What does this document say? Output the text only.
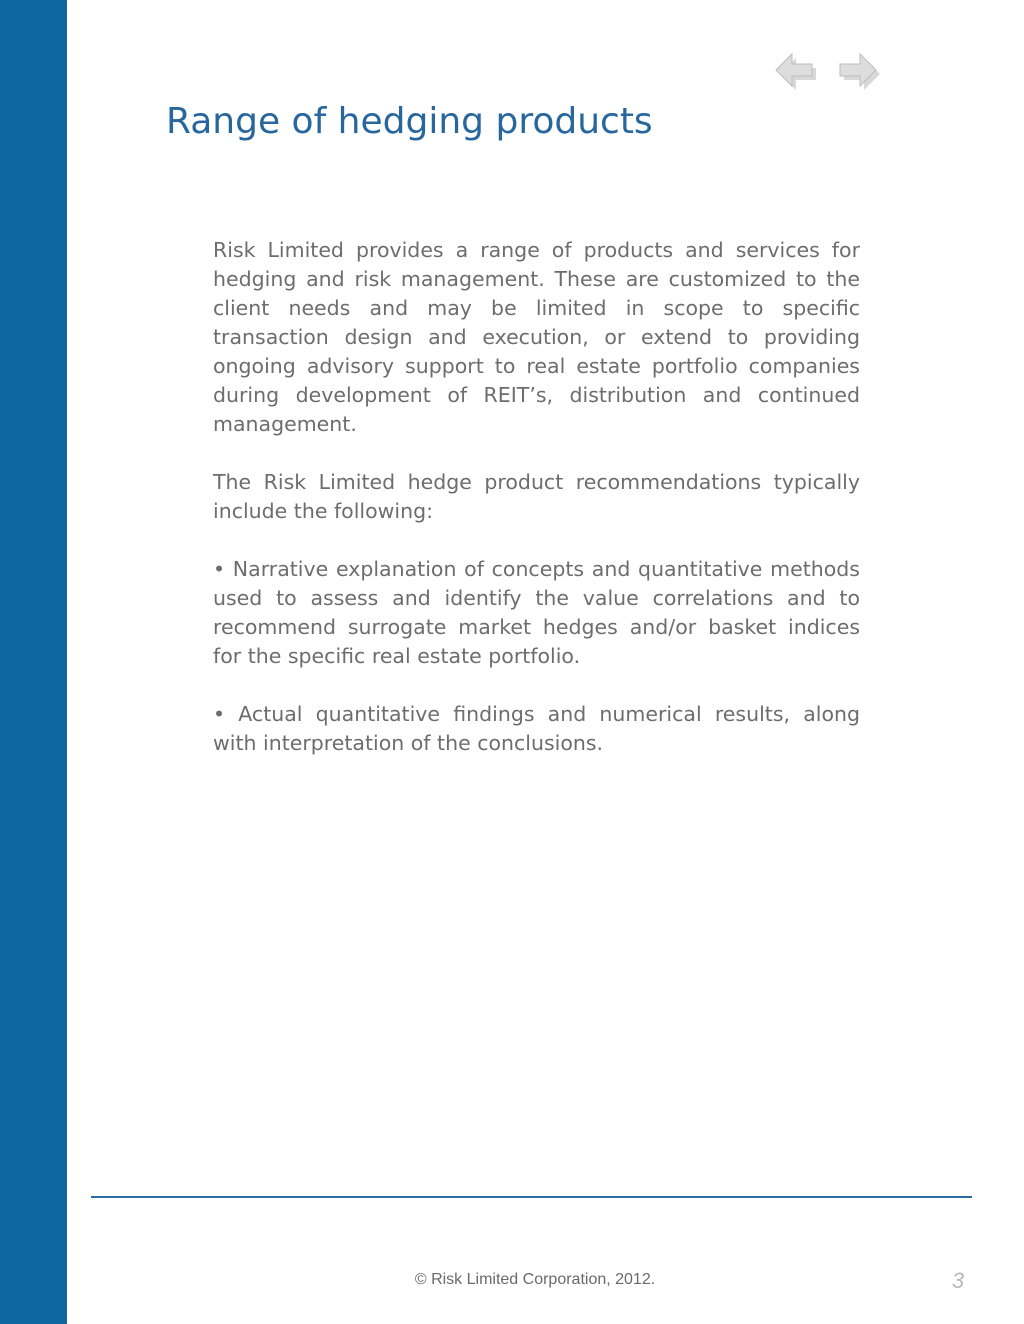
Range of hedging products

Risk Limited provides a range of products and services for hedging and risk management. These are customized to the client needs and may be limited in scope to specific transaction design and execution, or extend to providing ongoing advisory support to real estate portfolio companies during development of REIT’s, distribution and continued management.

The Risk Limited hedge product recommendations typically include the following:

• Narrative explanation of concepts and quantitative methods used to assess and identify the value correlations and to recommend surrogate market hedges and/or basket indices for the specific real estate portfolio.

• Actual quantitative findings and numerical results, along with interpretation of the conclusions.

© Risk Limited Corporation, 2012.	3
